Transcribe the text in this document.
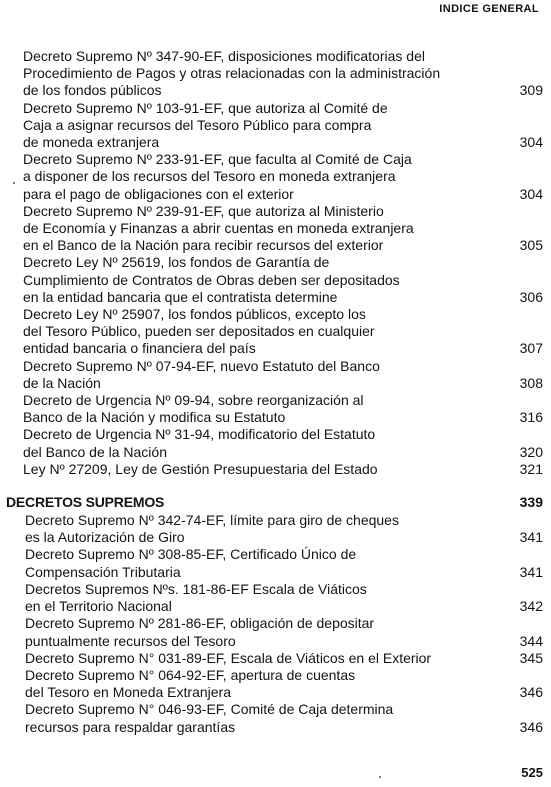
INDICE GENERAL
Decreto Supremo Nº 347-90-EF, disposiciones modificatorias del
Procedimiento de Pagos y otras relacionadas con la administración
de los fondos públicos	309
Decreto Supremo Nº 103-91-EF, que autoriza al Comité de
Caja a asignar recursos del Tesoro Público para compra
de moneda extranjera	304
Decreto Supremo Nº 233-91-EF, que faculta al Comité de Caja
a disponer de los recursos del Tesoro en moneda extranjera
para el pago de obligaciones con el exterior	304
Decreto Supremo Nº 239-91-EF, que autoriza al Ministerio
de Economía y Finanzas a abrir cuentas en moneda extranjera
en el Banco de la Nación para recibir recursos del exterior	305
Decreto Ley Nº 25619, los fondos de Garantía de
Cumplimiento de Contratos de Obras deben ser depositados
en la entidad bancaria que el contratista determine	306
Decreto Ley Nº 25907, los fondos públicos, excepto los
del Tesoro Público, pueden ser depositados en cualquier
entidad bancaria o financiera del país	307
Decreto Supremo Nº 07-94-EF, nuevo Estatuto del Banco
de la Nación	308
Decreto de Urgencia Nº 09-94, sobre reorganización al
Banco de la Nación y modifica su Estatuto	316
Decreto de Urgencia Nº 31-94, modificatorio del Estatuto
del Banco de la Nación	320
Ley Nº 27209, Ley de Gestión Presupuestaria del Estado	321
DECRETOS SUPREMOS	339
Decreto Supremo Nº 342-74-EF, límite para giro de cheques
es la Autorización de Giro	341
Decreto Supremo Nº 308-85-EF, Certificado Único de
Compensación Tributaria	341
Decretos Supremos Nºs. 181-86-EF Escala de Viáticos
en el Territorio Nacional	342
Decreto Supremo Nº 281-86-EF, obligación de depositar
puntualmente recursos del Tesoro	344
Decreto Supremo N° 031-89-EF, Escala de Viáticos en el Exterior	345
Decreto Supremo N° 064-92-EF, apertura de cuentas
del Tesoro en Moneda Extranjera	346
Decreto Supremo N° 046-93-EF, Comité de Caja determina
recursos para respaldar garantías	346
525
